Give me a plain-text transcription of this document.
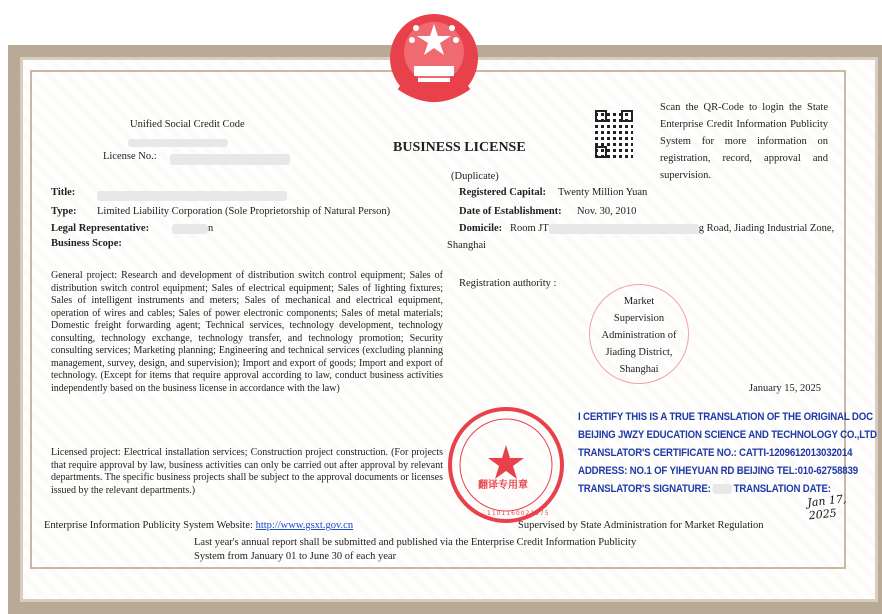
BUSINESS LICENSE
(Duplicate)
Unified Social Credit Code
License No.:
Scan the QR-Code to login the State Enterprise Credit Information Publicity System for more information on registration, record, approval and supervision.
Title:
Type: Limited Liability Corporation (Sole Proprietorship of Natural Person)
Legal Representative:	n
Business Scope:
Registered Capital: Twenty Million Yuan
Date of Establishment: Nov. 30, 2010
Domicile: Room JT	g Road, Jiading Industrial Zone,
Shanghai
General project: Research and development of distribution switch control equipment; Sales of distribution switch control equipment; Sales of electrical equipment; Sales of lighting fixtures; Sales of intelligent instruments and meters; Sales of mechanical and electrical equipment, operation of wires and cables; Sales of power electronic components; Sales of metal materials; Domestic freight forwarding agent; Technical services, technology development, technology consulting, technology exchange, technology transfer, and technology promotion; Security consulting services; Marketing planning; Engineering and technical services (excluding planning management, survey, design, and supervision); Import and export of goods; Import and export of technology. (Except for items that require approval according to law, conduct business activities independently based on the business license in accordance with the law)
Licensed project: Electrical installation services; Construction project construction. (For projects that require approval by law, business activities can only be carried out after approval by relevant departments. The specific business projects shall be subject to the approval documents or licenses issued by the relevant departments.)
Registration authority :
Market
Supervision
Administration of
Jiading District,
Shanghai
January 15, 2025
翻译专用章
1101160021575
I CERTIFY THIS IS A TRUE TRANSLATION OF THE ORIGINAL DOC
BEIJING JWZY EDUCATION SCIENCE AND TECHNOLOGY CO.,LTD
TRANSLATOR'S CERTIFICATE NO.: CATTI-1209612013032014
ADDRESS: NO.1 OF YIHEYUAN RD BEIJING TEL:010-62758839
TRANSLATOR'S SIGNATURE: TRANSLATION DATE:
Jan 17, 2025
Enterprise Information Publicity System Website: http://www.gsxt.gov.cn	Supervised by State Administration for Market Regulation
Last year's annual report shall be submitted and published via the Enterprise Credit Information Publicity
System from January 01 to June 30 of each year
